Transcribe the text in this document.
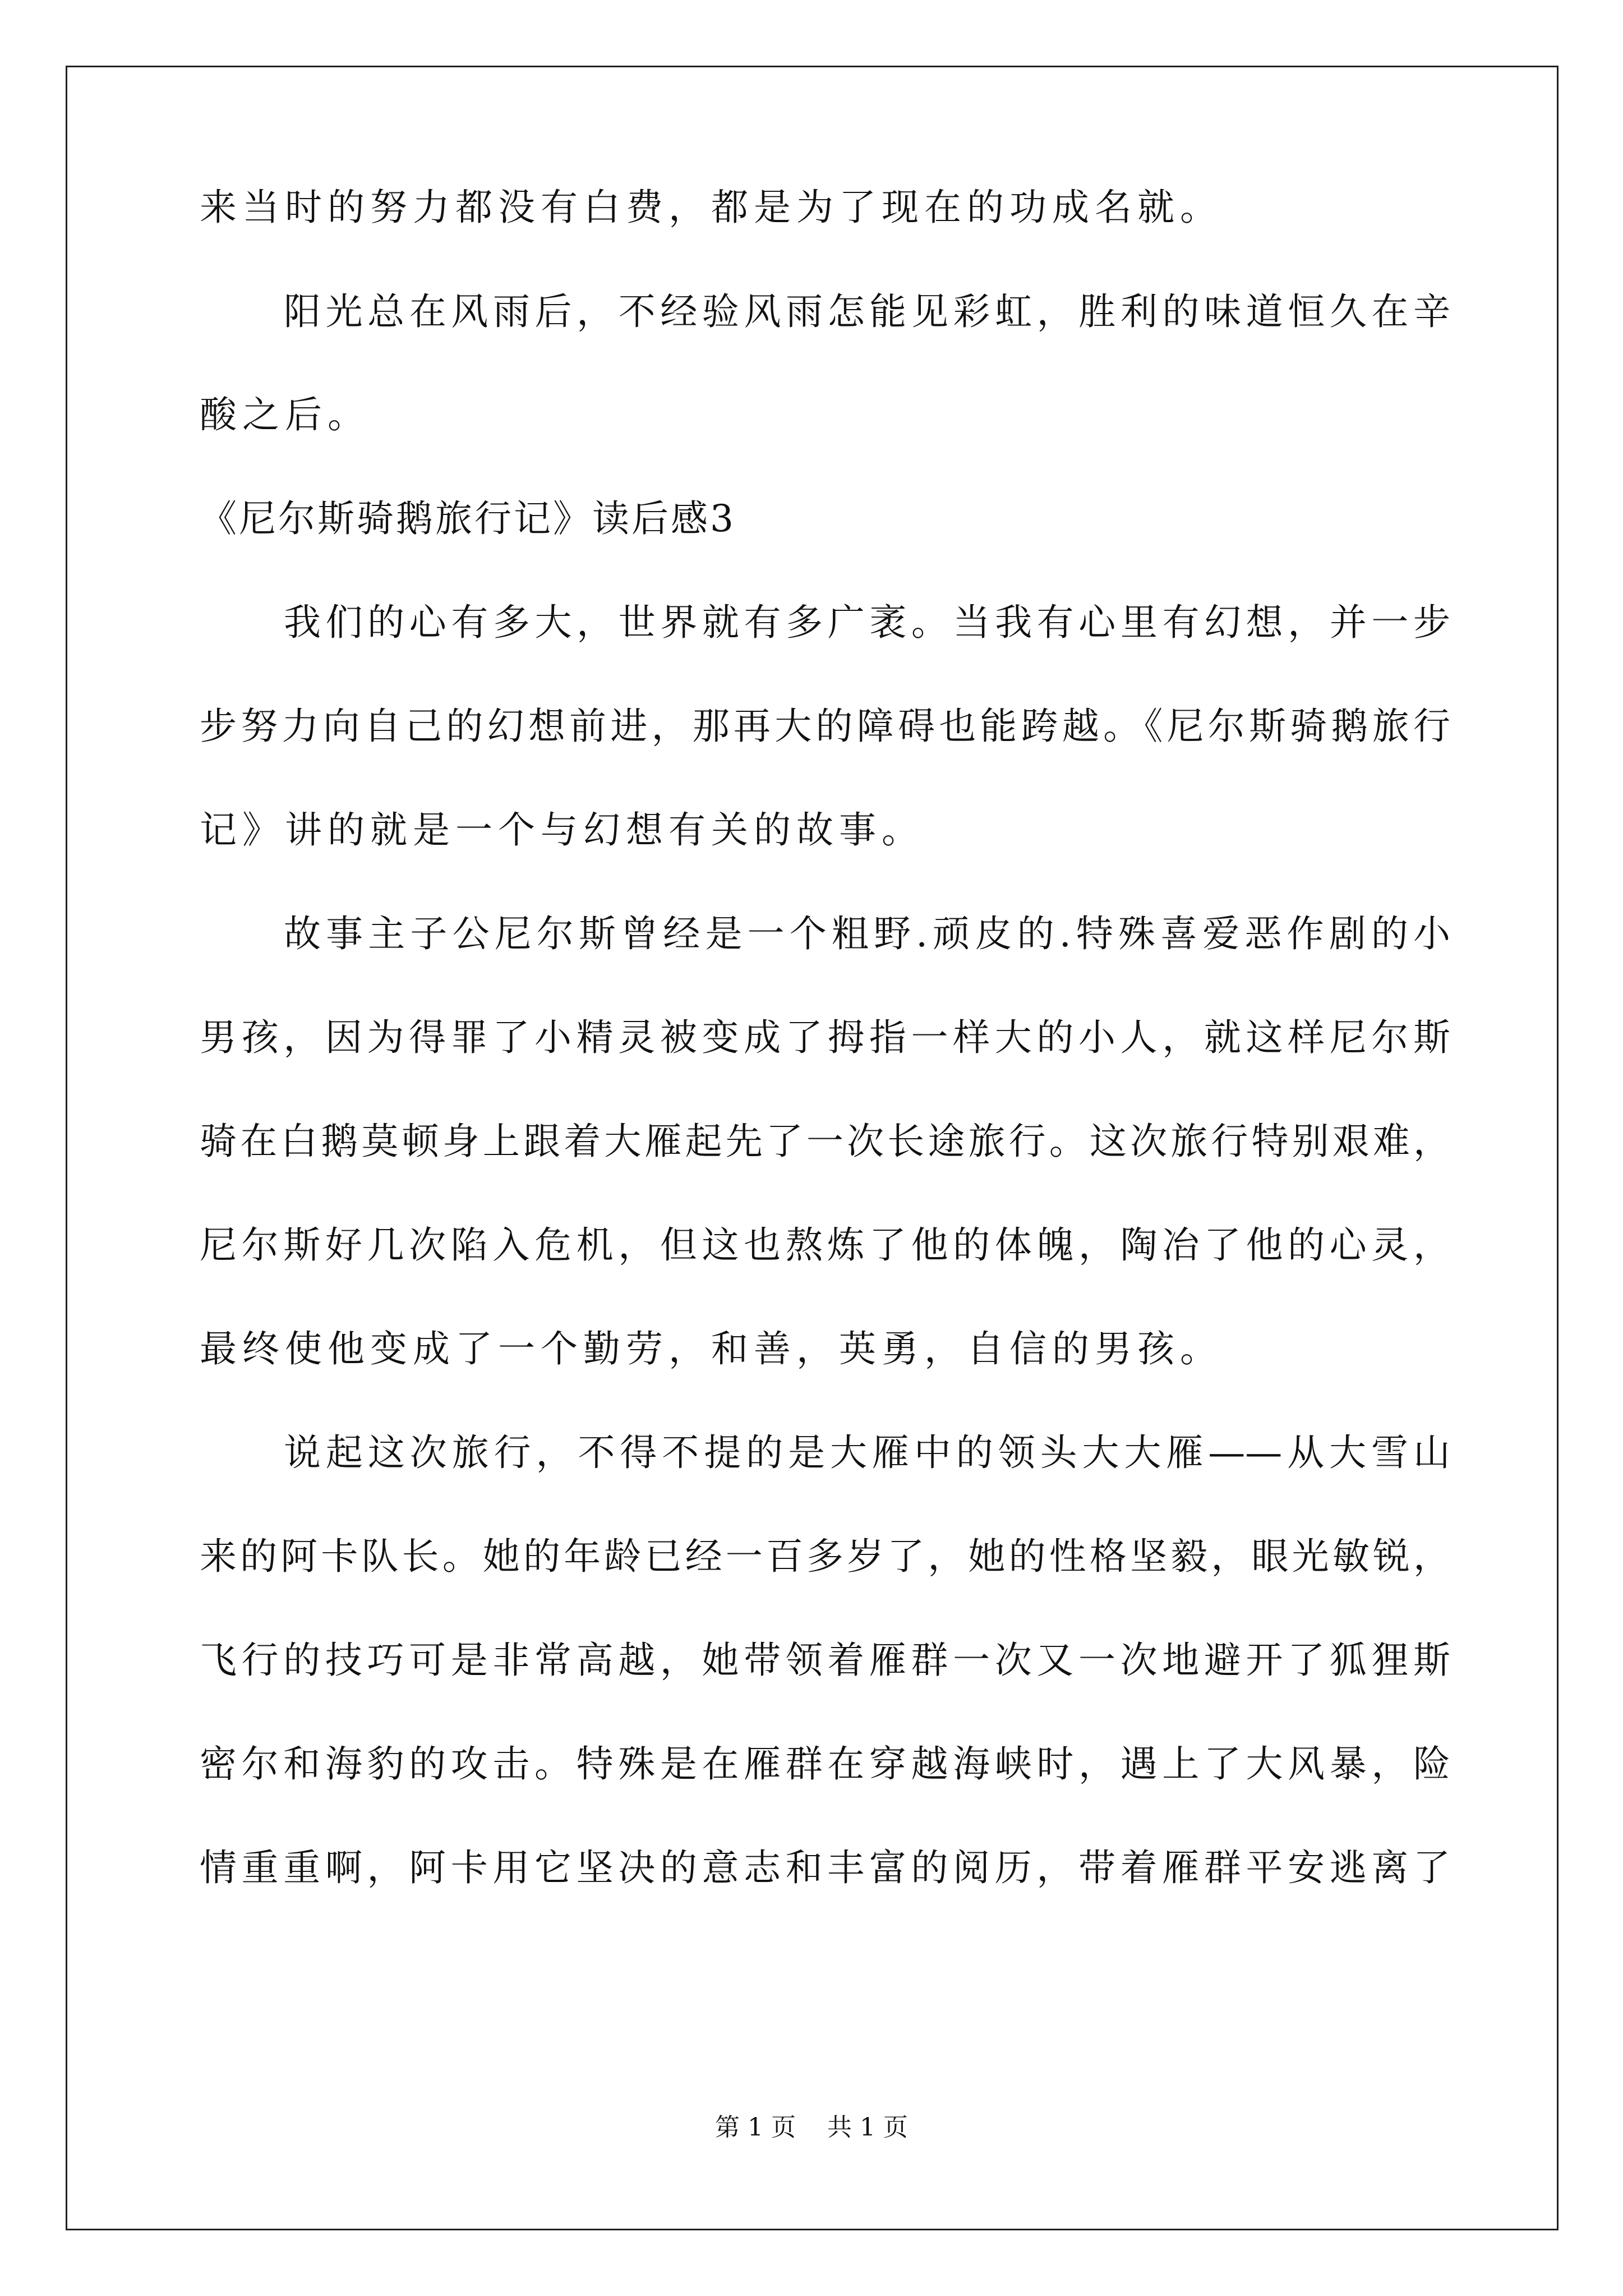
来当时的努力都没有白费，都是为了现在的功成名就。
阳光总在风雨后，不经验风雨怎能见彩虹，胜利的味道恒久在辛
酸之后。
《尼尔斯骑鹅旅行记》读后感3
我们的心有多大，世界就有多广袤。当我有心里有幻想，并一步
步努力向自己的幻想前进，那再大的障碍也能跨越。《尼尔斯骑鹅旅行
记》讲的就是一个与幻想有关的故事。
故事主子公尼尔斯曾经是一个粗野.顽皮的.特殊喜爱恶作剧的小
男孩，因为得罪了小精灵被变成了拇指一样大的小人，就这样尼尔斯
骑在白鹅莫顿身上跟着大雁起先了一次长途旅行。这次旅行特别艰难，
尼尔斯好几次陷入危机，但这也熬炼了他的体魄，陶冶了他的心灵，
最终使他变成了一个勤劳，和善，英勇，自信的男孩。
说起这次旅行，不得不提的是大雁中的领头大大雁——从大雪山
来的阿卡队长。她的年龄已经一百多岁了，她的性格坚毅，眼光敏锐，
飞行的技巧可是非常高越，她带领着雁群一次又一次地避开了狐狸斯
密尔和海豹的攻击。特殊是在雁群在穿越海峡时，遇上了大风暴，险
情重重啊，阿卡用它坚决的意志和丰富的阅历，带着雁群平安逃离了
第 1 页    共 1 页
